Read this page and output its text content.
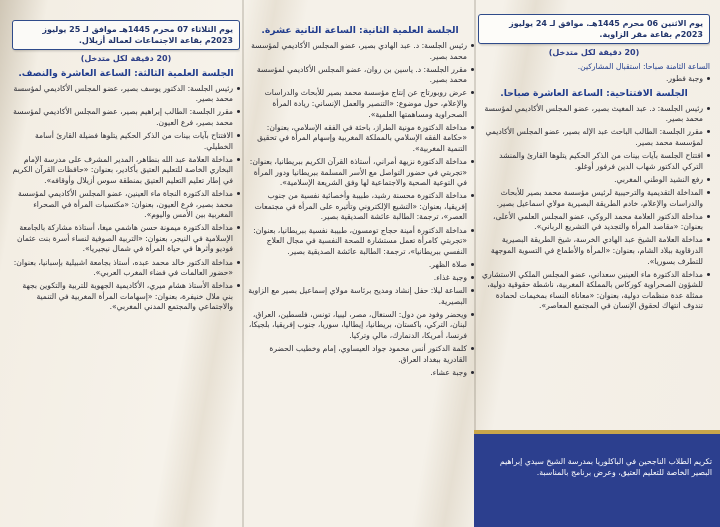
يوم الاثنين 06 محرم 1445هـ. موافق لـ 24 يوليوز 2023م بقاعة مقر الزاوية.
(20 دقيقة لكل متدخل)
الساعة الثامنة صباحا: استقبال المشاركين.
وجبة فطور.
الجلسة الافتتاحية: الساعة العاشرة صباحا.
رئيس الجلسة: د. عبد المغيث بصير، عضو المجلس الأكاديمي لمؤسسة محمد بصير.
مقرر الجلسة: الطالب الباحث عبد الإله بصير، عضو المجلس الأكاديمي لمؤسسة محمد بصير.
افتتاح الجلسة بآيات بينات من الذكر الحكيم يتلوها القارئ والمنشد التركي الدكتور شهاب الدين فرفور أوغلو.
رفع النشيد الوطني المغربي.
المداخلة التقديمية والترحيبية لرئيس مؤسسة محمد بصير للأبحاث والدراسات والإعلام، خادم الطريقة البصيرية مولاي اسماعيل بصير.
مداخلة الدكتور العلامة محمد الروكي، عضو المجلس العلمي الأعلى، بعنوان: «مقاصد المرأة والتجديد في التشريع الرباني».
مداخلة العلامة الشيخ عبد الهادي الخرسة، شيخ الطريقة البصيرية الدرقاوية ببلاد الشام، بعنوان: «المرأة والأطماع في التسوية الموجهة للتطرف بسوريا».
مداخلة الدكتورة ماء العينين سعداني، عضو المجلس الملكي الاستشاري للشؤون الصحراوية كوركاس بالمملكة المغربية، ناشطة حقوقية دولية، ممثلة عدة منظمات دولية، بعنوان: «معاناة النساء بمخيمات لحمادة تندوف انتهاك لحقوق الإنسان في المجتمع المعاصر».
تكريم الطلاب الناجحين في الباكلوريا بمدرسة الشيخ سيدي إبراهيم البصير الخاصة للتعليم العتيق، وعرض برنامج بالمناسبة.
الجلسة العلمية الثانية: الساعة الثانية عشرة.
رئيس الجلسة: د. عبد الهادي بصير، عضو المجلس الأكاديمي لمؤسسة محمد بصير.
مقرر الجلسة: د. ياسين بن روان، عضو المجلس الأكاديمي لمؤسسة محمد بصير.
عرض روبورتاج عن إنتاج مؤسسة محمد بصير للأبحاث والدراسات والإعلام، حول موضوع: «التنصير والعمل الإنساني: ريادة المرأة الصحراوية ومساهمتها العلمية».
مداخلة الدكتورة مونية الطراز، باحثة في الفقه الإسلامي، بعنوان: «حكامة الفقه الإسلامي بالمملكة المغربية وإسهام المرأة في تحقيق التنمية المغربية».
مداخلة الدكتورة نزيهة أمراني، أستاذة القرآن الكريم ببريطانيا، بعنوان: «تجربتي في حضور التواصل مع الأسر المسلمة ببريطانيا ودور المرأة في التوعية الصحية والاجتماعية لها وفق الشريعة الإسلامية».
مداخلة الدكتورة محسنة رشيد، طبيبة وأخصائية نفسية من جنوب إفريقيا، بعنوان: «التشيع الإلكتروني وتأثيره على المرأة في مجتمعات العصر»، ترجمة: الطالبة عائشة الصديقية بصير.
مداخلة الدكتورة أمينة حجاج تومسون، طبيبة نفسية ببريطانيا، بعنوان: «تجربتي كامرأة تعمل مستشارة للصحة النفسية في مجال العلاج النفسي ببريطانيا»، ترجمة: الطالبة عائشة الصديقية بصير.
صلاة الظهر.
وجبة غذاء.
الساعة ليلا: حفل إنشاد ومديح برئاسة مولاي إسماعيل بصير مع الزاوية البصيرية.
ويحضر وفود من دول: السنغال، مصر، ليبيا، تونس، فلسطين، العراق، لبنان، التركي، باكستان، بريطانيا، إيطاليا، سوريا، جنوب إفريقيا، بلجيكا، فرنسا، أمريكا، الدنمارك، مالي وتركيا.
كلمة الدكتور أنس محمود جواد العيساوي، إمام وخطيب الحضرة القادرية ببغداد العراق.
وجبة عشاء.
يوم الثلاثاء 07 محرم 1445هـ موافق لـ 25 يوليوز 2023م بقاعة الاجتماعات لعمالة أزيلال.
(20 دقيقة لكل متدخل)
الجلسة العلمية الثالثة: الساعة العاشرة والنصف.
رئيس الجلسة: الدكتور يوسف بصير، عضو المجلس الأكاديمي لمؤسسة محمد بصير.
مقرر الجلسة: الطالب إبراهيم بصير، عضو المجلس الأكاديمي لمؤسسة محمد بصير، فرع العيون.
الافتتاح بآيات بينات من الذكر الحكيم يتلوها فضيلة القارئ أسامة الخطيلي.
مداخلة العلامة عبد الله بنطاهر، المدير المشرف على مدرسة الإمام البخاري الخاصة للتعليم العتيق بأكادير، بعنوان: «حافظات القرآن الكريم في إطار تعليم التعليم العتيق بمنطقة سوس أزيلال وأوقافه».
مداخلة الدكتورة النجاة ماء العينين، عضو المجلس الأكاديمي لمؤسسة محمد بصير، فرع العيون، بعنوان: «مكتسبات المرأة في الصحراء المغربية بين الأمس واليوم».
مداخلة الدكتورة ميمونة حسن هاشمي ميغا، أستاذة مشاركة بالجامعة الإسلامية في النيجر، بعنوان: «التربية الصوفية لنساء أسرة بنت عثمان فوديو وأثرها في حياة المرأة في شمال نيجيريا».
مداخلة الدكتور خالد محمد عبده، أستاذ بجامعة اشبيلية بإسبانيا، بعنوان: «حضور العالمات في فضاء المغرب العربي».
مداخلة الأستاذ هشام ميري، الأكاديمية الجهوية للتربية والتكوين بجهة بني ملال خنيفرة، بعنوان: «إسهامات المرأة المغربية في التنمية والاجتماعي والمجتمع المدني المغربي».
